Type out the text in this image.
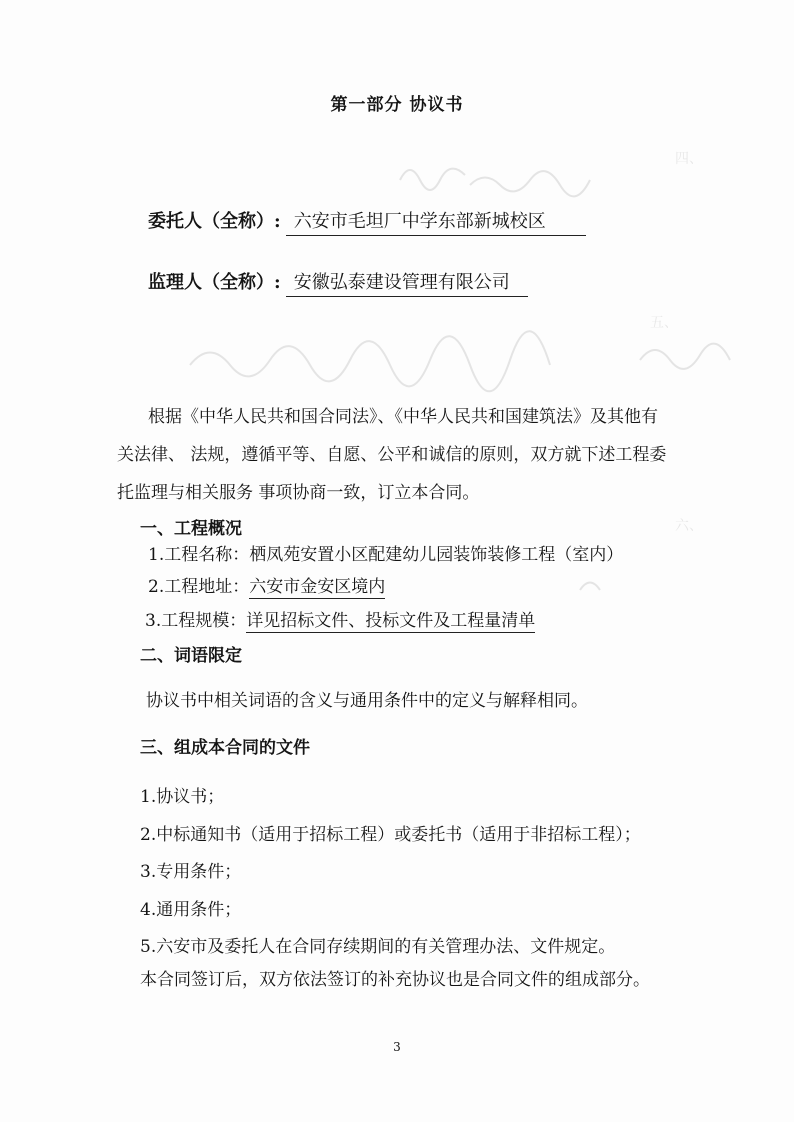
四、
五、
六、
第一部分 协议书
委托人（全称）: 六安市毛坦厂中学东部新城校区
监理人（全称）: 安徽弘泰建设管理有限公司
根据《中华人民共和国合同法》、《中华人民共和国建筑法》及其他有
关法律、 法规，遵循平等、自愿、公平和诚信的原则，双方就下述工程委
托监理与相关服务 事项协商一致，订立本合同。
一、工程概况
1.工程名称：栖凤苑安置小区配建幼儿园装饰装修工程（室内）
2.工程地址：六安市金安区境内
3.工程规模：详见招标文件、投标文件及工程量清单
二、词语限定
协议书中相关词语的含义与通用条件中的定义与解释相同。
三、组成本合同的文件
1.协议书；
2.中标通知书（适用于招标工程）或委托书（适用于非招标工程）；
3.专用条件；
4.通用条件；
5.六安市及委托人在合同存续期间的有关管理办法、文件规定。
本合同签订后，双方依法签订的补充协议也是合同文件的组成部分。
3
